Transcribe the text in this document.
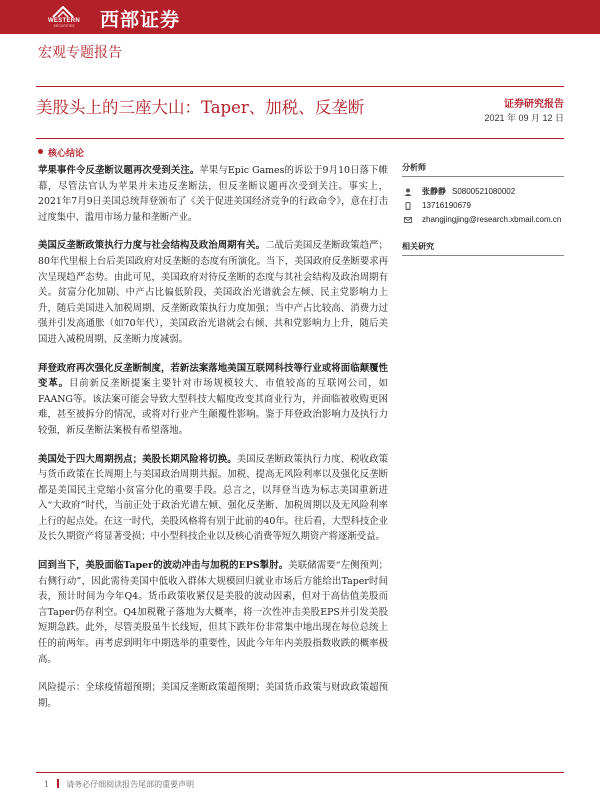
WESTERN
SECURITIES	西部证券
宏观专题报告
美股头上的三座大山：Taper、加税、反垄断	证券研究报告
2021 年 09 月 12 日
核心结论

苹果事件令反垄断议题再次受到关注。苹果与Epic Games的诉讼于9月10日落下帷幕，尽管法官认为苹果并未违反垄断法，但反垄断议题再次受到关注。事实上，2021年7月9日美国总统拜登颁布了《关于促进美国经济竞争的行政命令》，意在打击过度集中、滥用市场力量和垄断产业。

美国反垄断政策执行力度与社会结构及政治周期有关。二战后美国反垄断政策趋严；80年代里根上台后美国政府对反垄断的态度有所演化。当下，美国政府反垄断要求再次呈现趋严态势。由此可见，美国政府对待反垄断的态度与其社会结构及政治周期有关。贫富分化加剧、中产占比偏低阶段，美国政治光谱就会左倾、民主党影响力上升，随后美国进入加税周期、反垄断政策执行力度加强；当中产占比较高、消费力过强并引发高通胀（如70年代），美国政治光谱就会右倾、共和党影响力上升，随后美国进入减税周期、反垄断力度减弱。

拜登政府再次强化反垄断制度，若新法案落地美国互联网科技等行业或将面临颠覆性变革。目前新反垄断提案主要针对市场规模较大、市值较高的互联网公司，如FAANG等。该法案可能会导致大型科技大幅度改变其商业行为，并面临被收购更困难，甚至被拆分的情况，或将对行业产生颠覆性影响。鉴于拜登政治影响力及执行力较强，新反垄断法案极有希望落地。

美国处于四大周期拐点；美股长期风险将切换。美国反垄断政策执行力度、税收政策与货币政策在长周期上与美国政治周期共振。加税、提高无风险利率以及强化反垄断都是美国民主党缩小贫富分化的重要手段。总言之，以拜登当选为标志美国重新进入“大政府”时代，当前正处于政治光谱左倾、强化反垄断、加税周期以及无风险利率上行的起点处。在这一时代，美股风格将有别于此前的40年。往后看，大型科技企业及长久期资产将显著受损；中小型科技企业以及核心消费等短久期资产将逐渐受益。

回到当下，美股面临Taper的波动冲击与加税的EPS掣肘。美联储需要“左侧预判；右侧行动”，因此需待美国中低收入群体大规模回归就业市场后方能给出Taper时间表，预计时间为今年Q4。货币政策收紧仅是美股的波动因素，但对于高估值美股而言Taper仍存利空。Q4加税靴子落地为大概率，将一次性冲击美股EPS并引发美股短期急跌。此外，尽管美股虽牛长线短，但其下跌年份非常集中地出现在每位总统上任的前两年。再考虑到明年中期选举的重要性，因此今年年内美股指数收跌的概率极高。

风险提示：全球疫情超预期；美国反垄断政策超预期；美国货币政策与财政政策超预期。

分析师
张静静 S0800521080002
13716190679
zhangjingjing@research.xbmail.com.cn
相关研究
1 请务必仔细阅读报告尾部的重要声明
